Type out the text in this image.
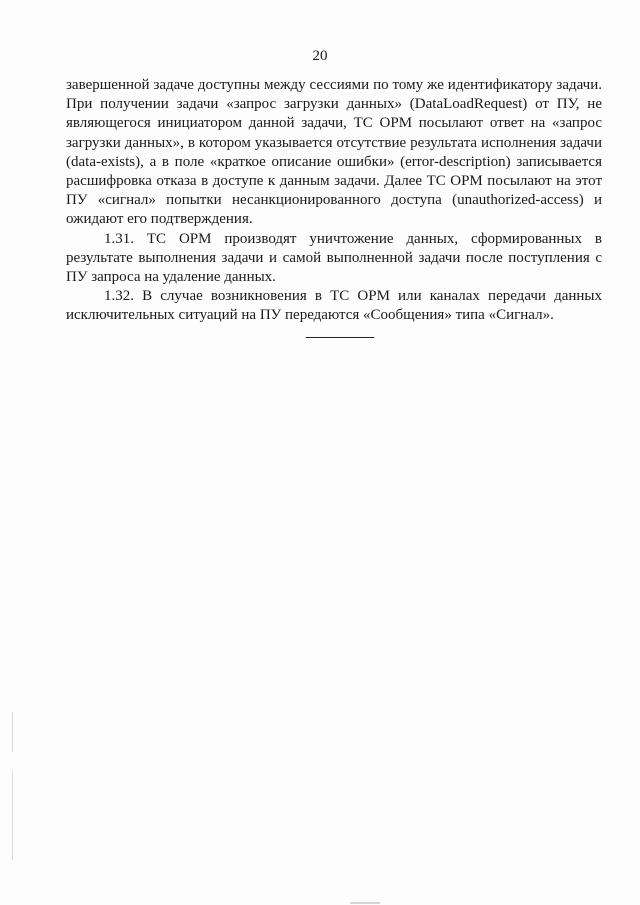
20

завершенной задаче доступны между сессиями по тому же идентификатору задачи. При получении задачи «запрос загрузки данных» (DataLoadRequest) от ПУ, не являющегося инициатором данной задачи, ТС ОРМ посылают ответ на «запрос загрузки данных», в котором указывается отсутствие результата исполнения задачи (data-exists), а в поле «краткое описание ошибки» (error-description) записывается расшифровка отказа в доступе к данным задачи. Далее ТС ОРМ посылают на этот ПУ «сигнал» попытки несанкционированного доступа (unauthorized-access) и ожидают его подтверждения.

1.31. ТС ОРМ производят уничтожение данных, сформированных в результате выполнения задачи и самой выполненной задачи после поступления с ПУ запроса на удаление данных.

1.32. В случае возникновения в ТС ОРМ или каналах передачи данных исключительных ситуаций на ПУ передаются «Сообщения» типа «Сигнал».
